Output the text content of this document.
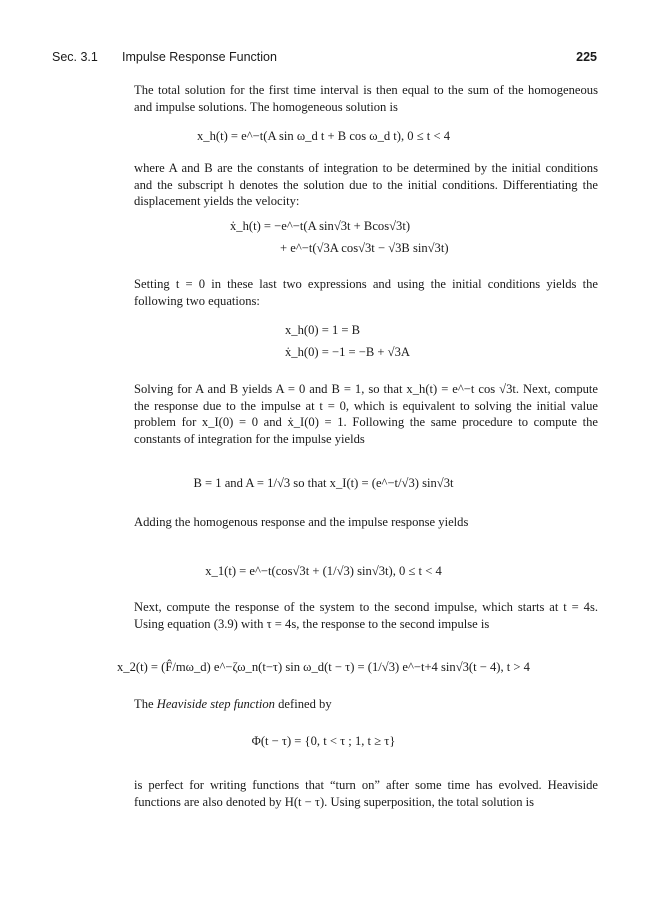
Sec. 3.1 Impulse Response Function	225
The total solution for the first time interval is then equal to the sum of the homogeneous and impulse solutions. The homogeneous solution is
x_h(t) = e^−t(A sin ω_d t + B cos ω_d t), 0 ≤ t < 4
where A and B are the constants of integration to be determined by the initial conditions and the subscript h denotes the solution due to the initial conditions. Differentiating the displacement yields the velocity:
ẋ_h(t) = −e^−t(A sin√3t + Bcos√3t)
+ e^−t(√3A cos√3t − √3B sin√3t)
Setting t = 0 in these last two expressions and using the initial conditions yields the following two equations:
x_h(0) = 1 = B
ẋ_h(0) = −1 = −B + √3A
Solving for A and B yields A = 0 and B = 1, so that x_h(t) = e^−t cos √3t. Next, compute the response due to the impulse at t = 0, which is equivalent to solving the initial value problem for x_I(0) = 0 and ẋ_I(0) = 1. Following the same procedure to compute the constants of integration for the impulse yields
B = 1 and A = 1/√3 so that x_I(t) = (e^−t/√3) sin√3t
Adding the homogenous response and the impulse response yields
x_1(t) = e^−t(cos√3t + (1/√3) sin√3t), 0 ≤ t < 4
Next, compute the response of the system to the second impulse, which starts at t = 4s. Using equation (3.9) with τ = 4s, the response to the second impulse is
x_2(t) = (F̂/mω_d) e^−ζω_n(t−τ) sin ω_d(t − τ) = (1/√3) e^−t+4 sin√3(t − 4), t > 4
The Heaviside step function defined by
Φ(t − τ) = {0, t < τ ; 1, t ≥ τ}
is perfect for writing functions that “turn on” after some time has evolved. Heaviside functions are also denoted by H(t − τ). Using superposition, the total solution is
